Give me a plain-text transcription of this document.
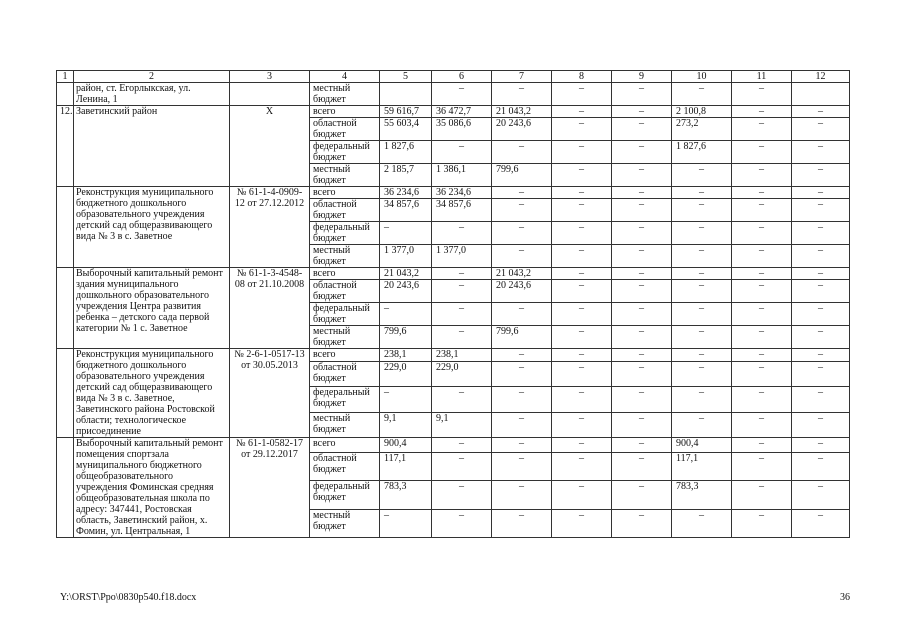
1	2	3	4	5	6	7	8	9	10	11	12
	район, ст. Егорлыкская, ул. Ленина, 1		местный бюджет		–	–	–	–	–	–	
12.	Заветинский район	Х	всего	59 616,7	36 472,7	21 043,2	–	–	2 100,8	–	–
			областной бюджет	55 603,4	35 086,6	20 243,6	–	–	273,2	–	–
			федеральный бюджет	1 827,6	–	–	–	–	1 827,6	–	–
			местный бюджет	2 185,7	1 386,1	799,6	–	–	–	–	–
	Реконструкция муниципального бюджетного дошкольного образовательного учреждения детский сад общеразвивающего вида № 3 в с. Заветное	№ 61-1-4-0909-12 от 27.12.2012	всего	36 234,6	36 234,6	–	–	–	–	–	–
			областной бюджет	34 857,6	34 857,6	–	–	–	–	–	–
			федеральный бюджет	–	–	–	–	–	–	–	–
			местный бюджет	1 377,0	1 377,0	–	–	–	–	–	–
	Выборочный капитальный ремонт здания муниципального дошкольного образовательного учреждения Центра развития ребенка – детского сада первой категории № 1 с. Заветное	№ 61-1-3-4548-08 от 21.10.2008	всего	21 043,2	–	21 043,2	–	–	–	–	–
			областной бюджет	20 243,6	–	20 243,6	–	–	–	–	–
			федеральный бюджет	–	–	–	–	–	–	–	–
			местный бюджет	799,6	–	799,6	–	–	–	–	–
	Реконструкция муниципального бюджетного дошкольного образовательного учреждения детский сад общеразвивающего вида № 3 в с. Заветное, Заветинского района Ростовской области; технологическое присоединение	№ 2-6-1-0517-13 от 30.05.2013	всего	238,1	238,1	–	–	–	–	–	–
			областной бюджет	229,0	229,0	–	–	–	–	–	–
			федеральный бюджет	–	–	–	–	–	–	–	–
			местный бюджет	9,1	9,1	–	–	–	–	–	–
	Выборочный капитальный ремонт помещения спортзала муниципального бюджетного общеобразовательного учреждения Фоминская средняя общеобразовательная школа по адресу: 347441, Ростовская область, Заветинский район, х. Фомин, ул. Центральная, 1	№ 61-1-0582-17 от 29.12.2017	всего	900,4	–	–	–	–	900,4	–	–
			областной бюджет	117,1	–	–	–	–	117,1	–	–
			федеральный бюджет	783,3	–	–	–	–	783,3	–	–
			местный бюджет	–	–	–	–	–	–	–	–
Y:\ORST\Ppo\0830p540.f18.docx	36
